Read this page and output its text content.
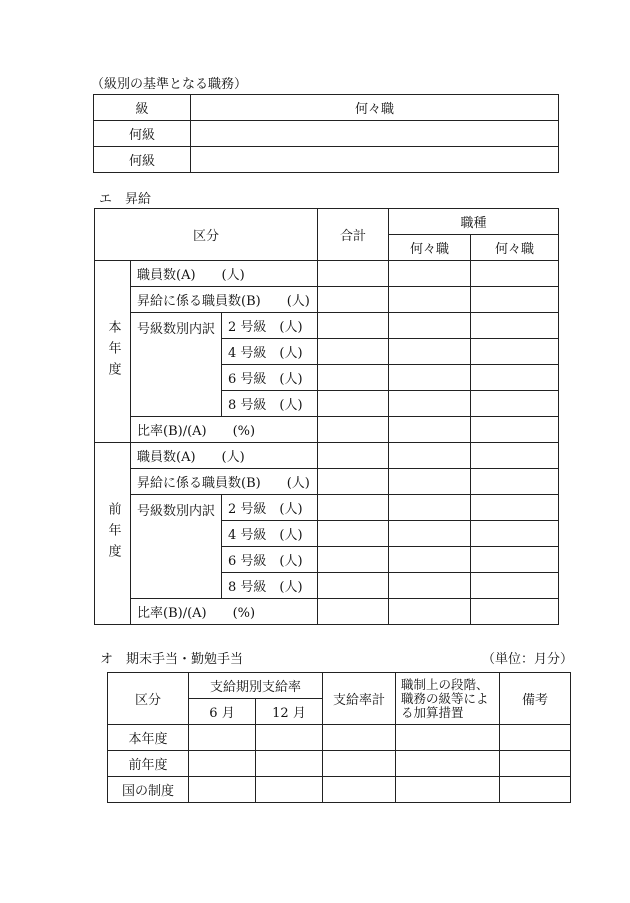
（級別の基準となる職務）
級	何々職
何級	
何級	
エ　昇給
区分			合計	職種	
				何々職	何々職
本年度	職員数(A)　　(人)				
	昇給に係る職員数(B)　　(人)				
	号級数別内訳	2 号級　(人)			
		4 号級　(人)			
		6 号級　(人)			
		8 号級　(人)			
	比率(B)/(A)　　(%)				
前年度	職員数(A)　　(人)				
	昇給に係る職員数(B)　　(人)				
	号級数別内訳	2 号級　(人)			
		4 号級　(人)			
		6 号級　(人)			
		8 号級　(人)			
	比率(B)/(A)　　(%)				
オ　期末手当・勤勉手当	（単位：月分）
区分	支給期別支給率		支給率計	職制上の段階、職務の級等による加算措置	備考
	6 月	12 月			
本年度					
前年度					
国の制度					
